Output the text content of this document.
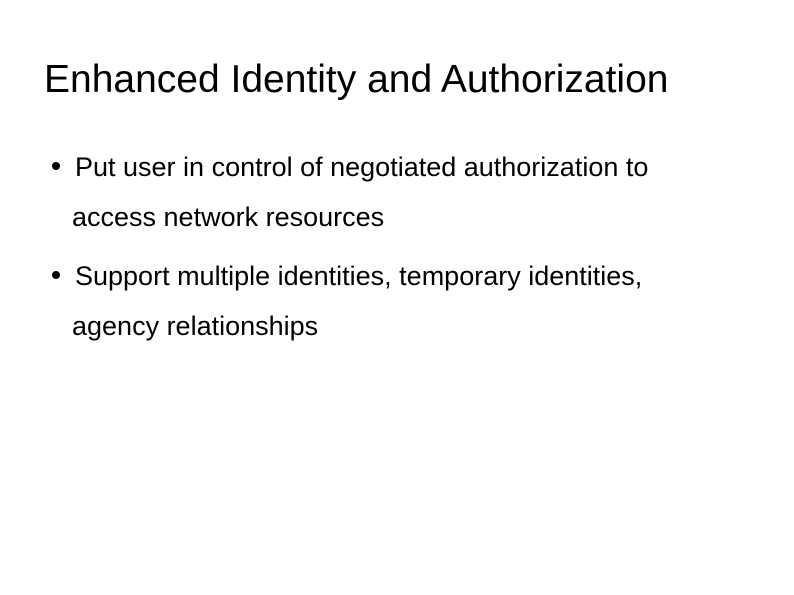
Enhanced Identity and Authorization
Put user in control of negotiated authorization to
access network resources
Support multiple identities, temporary identities,
agency relationships
